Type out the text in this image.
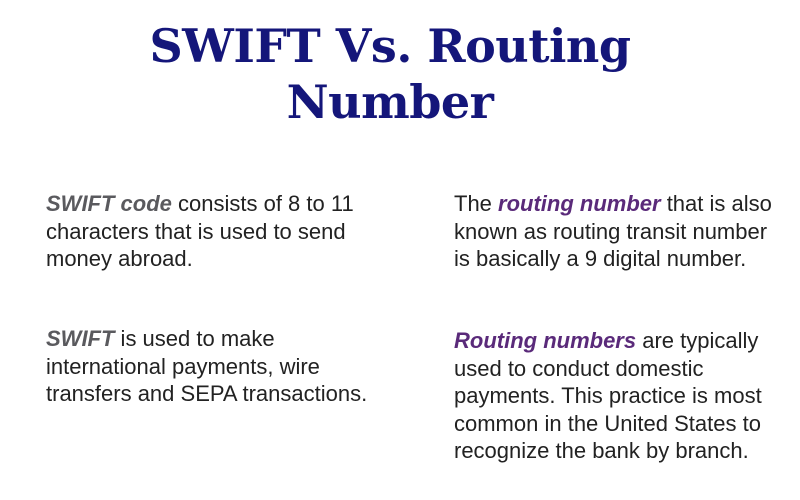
SWIFT Vs. Routing
Number

SWIFT code consists of 8 to 11 characters that is used to send money abroad.

SWIFT is used to make international payments, wire transfers and SEPA transactions.

The routing number that is also known as routing transit number is basically a 9 digital number.

Routing numbers are typically used to conduct domestic payments. This practice is most common in the United States to recognize the bank by branch.
